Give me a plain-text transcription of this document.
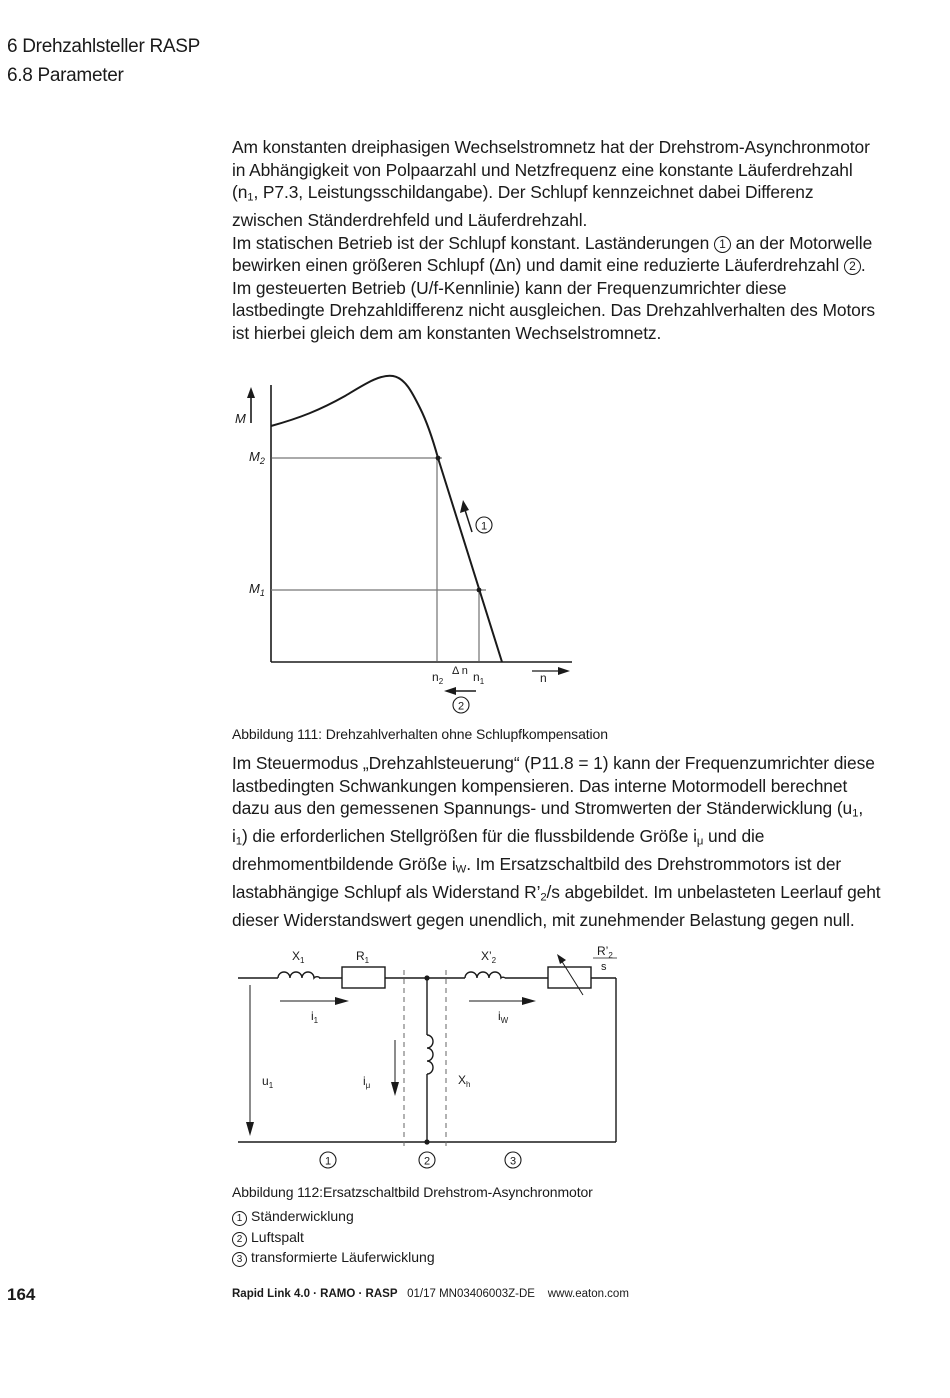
6 Drehzahlsteller RASP
6.8 Parameter
Am konstanten dreiphasigen Wechselstromnetz hat der Drehstrom-Asynchronmotor in Abhängigkeit von Polpaarzahl und Netzfrequenz eine konstante Läuferdrehzahl ($n_1$, P7.3, Leistungsschildangabe). Der Schlupf kennzeichnet dabei Differenz zwischen Ständerdrehfeld und Läuferdrehzahl.
Im statischen Betrieb ist der Schlupf konstant. Laständerungen 1 an der Motorwelle bewirken einen größeren Schlupf (Δn) und damit eine reduzierte Läuferdrehzahl 2 . Im gesteuerten Betrieb (U/f-Kennlinie) kann der Frequenzumrichter diese lastbedingte Drehzahldifferenz nicht ausgleichen. Das Drehzahlverhalten des Motors ist hierbei gleich dem am konstanten Wechselstromnetz.
M
$M_2$
$M_1$
1
$n_2$
Δ n $n_1$	n
2
Abbildung 111: Drehzahlverhalten ohne Schlupfkompensation
Im Steuermodus „Drehzahlsteuerung“ (P11.8 = 1) kann der Frequenzumrichter diese lastbedingten Schwankungen kompensieren. Das interne Motormodell berechnet dazu aus den gemessenen Spannungs- und Stromwerten der Ständerwicklung ($u_1$, $i_1$) die erforderlichen Stellgrößen für die flussbildende Größe $i_\mu$ und die drehmomentbildende Größe $i_W$. Im Ersatzschaltbild des Drehstrommotors ist der lastabhängige Schlupf als Widerstand $R’_2/s$ abgebildet. Im unbelasteten Leerlauf geht dieser Widerstandswert gegen unendlich, mit zunehmender Belastung gegen null.
$X_1$	$R_1$	$X’_2$
$R’_2$
s
$i_1$	$i_W$
$u_1$	$i_\mu$	$X_h$
1	2	3
Abbildung 112:Ersatzschaltbild Drehstrom-Asynchronmotor
1 Ständerwicklung
2 Luftspalt
3 transformierte Läuferwicklung
164	Rapid Link 4.0 · RAMO · RASP 01/17 MN03406003Z-DE www.eaton.com
